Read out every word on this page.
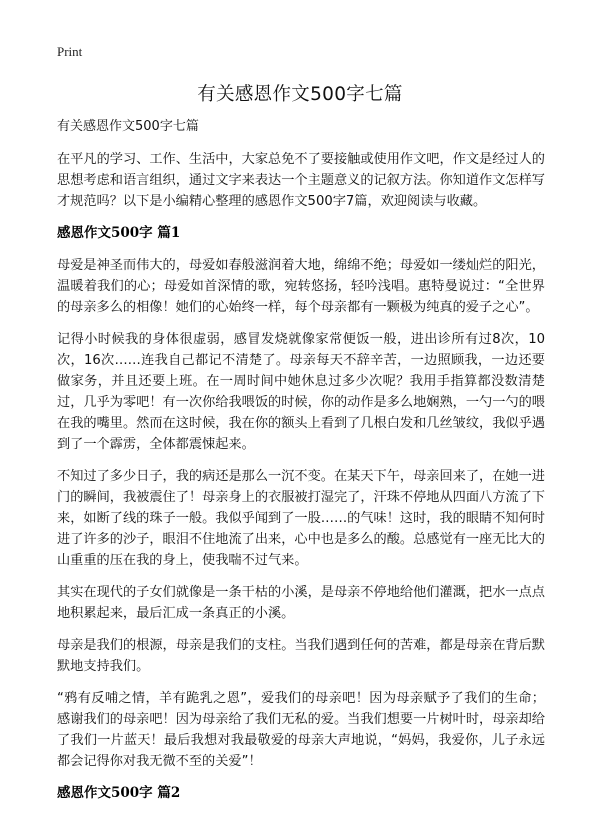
Print
有关感恩作文500字七篇
有关感恩作文500字七篇

在平凡的学习、工作、生活中，大家总免不了要接触或使用作文吧，作文是经过人的思想考虑和语言组织，通过文字来表达一个主题意义的记叙方法。你知道作文怎样写才规范吗？以下是小编精心整理的感恩作文500字7篇，欢迎阅读与收藏。

感恩作文500字 篇1

母爱是神圣而伟大的，母爱如春般滋润着大地，绵绵不绝；母爱如一缕灿烂的阳光，温暖着我们的心；母爱如首深情的歌，宛转悠扬，轻吟浅唱。惠特曼说过：“全世界的母亲多么的相像！她们的心始终一样，每个母亲都有一颗极为纯真的爱子之心”。

记得小时候我的身体很虚弱，感冒发烧就像家常便饭一般，进出诊所有过8次，10次，16次……连我自己都记不清楚了。母亲每天不辞辛苦，一边照顾我，一边还要做家务，并且还要上班。在一周时间中她休息过多少次呢？我用手指算都没数清楚过，几乎为零吧！有一次你给我喂饭的时候，你的动作是多么地娴熟，一勺一勺的喂在我的嘴里。然而在这时候，我在你的额头上看到了几根白发和几丝皱纹，我似乎遇到了一个霹雳，全体都震悚起来。

不知过了多少日子，我的病还是那么一沉不变。在某天下午，母亲回来了，在她一进门的瞬间，我被震住了！母亲身上的衣服被打湿完了，汗珠不停地从四面八方流了下来，如断了线的珠子一般。我似乎闻到了一股……的气味！这时，我的眼睛不知何时进了许多的沙子，眼泪不住地流了出来，心中也是多么的酸。总感觉有一座无比大的山重重的压在我的身上，使我喘不过气来。

其实在现代的子女们就像是一条干枯的小溪，是母亲不停地给他们灌溉，把水一点点地积累起来，最后汇成一条真正的小溪。

母亲是我们的根源，母亲是我们的支柱。当我们遇到任何的苦难，都是母亲在背后默默地支持我们。

“鸦有反哺之情，羊有跪乳之恩”，爱我们的母亲吧！因为母亲赋予了我们的生命；感谢我们的母亲吧！因为母亲给了我们无私的爱。当我们想要一片树叶时，母亲却给了我们一片蓝天！最后我想对我最敬爱的母亲大声地说，“妈妈，我爱你，儿子永远都会记得你对我无微不至的关爱”！

感恩作文500字 篇2
